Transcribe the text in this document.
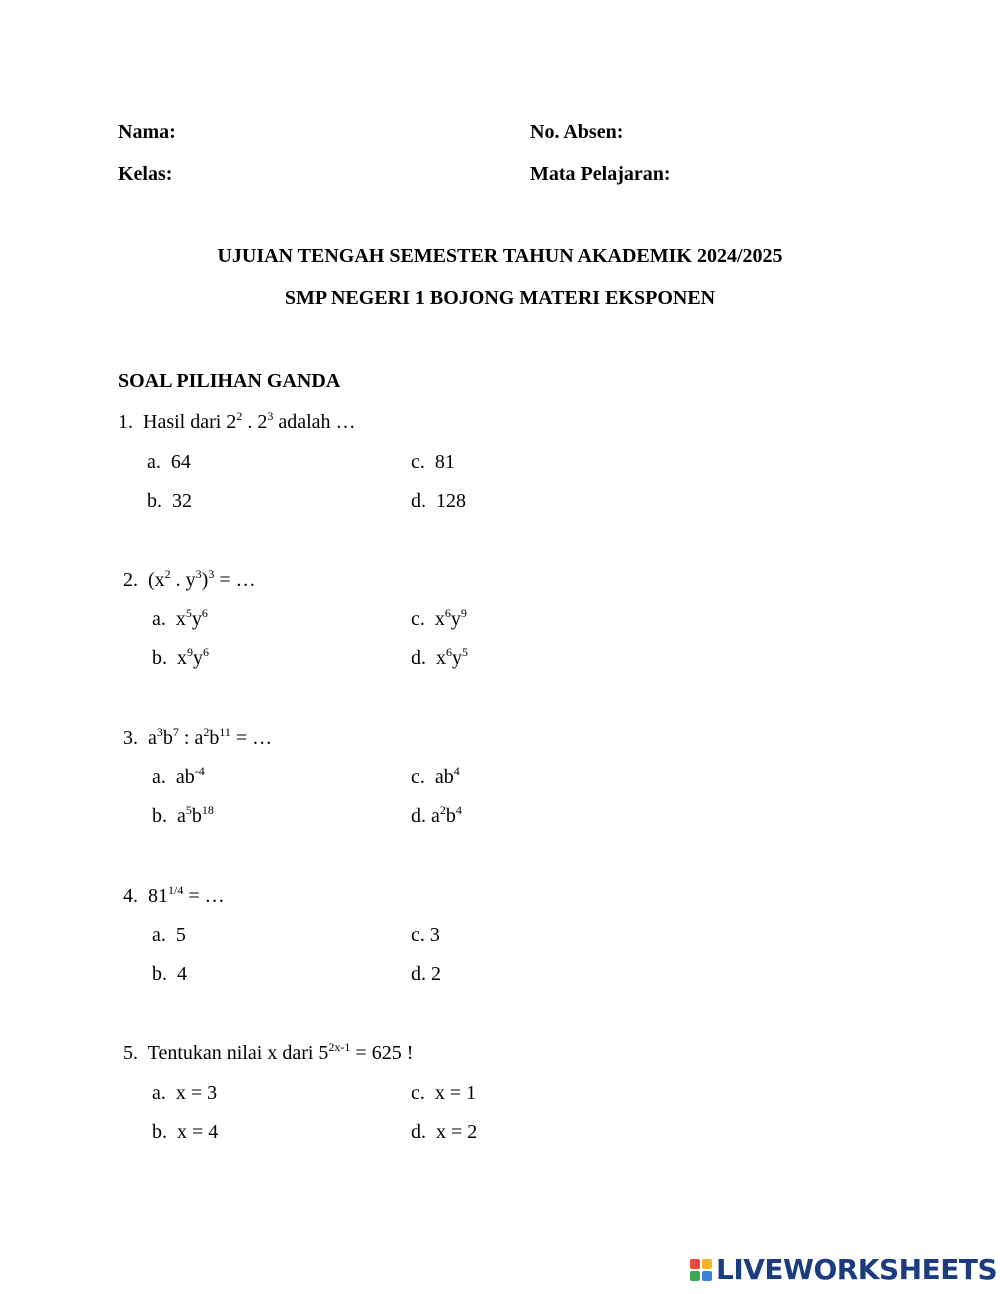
Nama:	No. Absen:
Kelas:	Mata Pelajaran:
UJUIAN TENGAH SEMESTER TAHUN AKADEMIK 2024/2025
SMP NEGERI 1 BOJONG MATERI EKSPONEN
SOAL PILIHAN GANDA
1. Hasil dari $2^2$ . $2^3$ adalah …
a. 64	c. 81
b. 32	d. 128
2. ($x^2$ . $y^3)^3$ = …
a. $x^5y^6$	c. $x^6y^9$
b. $x^9y^6$	d. $x^6y^5$
3. $a^3b^7$ : $a^2b^{11}$ = …
a. $ab^{-4}$	c. $ab^4$
b. $a^5b^{18}$	d. $a^2b^4$
4. $81^{1/4}$ = …
a. 5	c. 3
b. 4	d. 2
5. Tentukan nilai x dari $5^{2x-1} = 625$ !
a. x = 3	c. x = 1
b. x = 4	d. x = 2
LIVEWORKSHEETS
